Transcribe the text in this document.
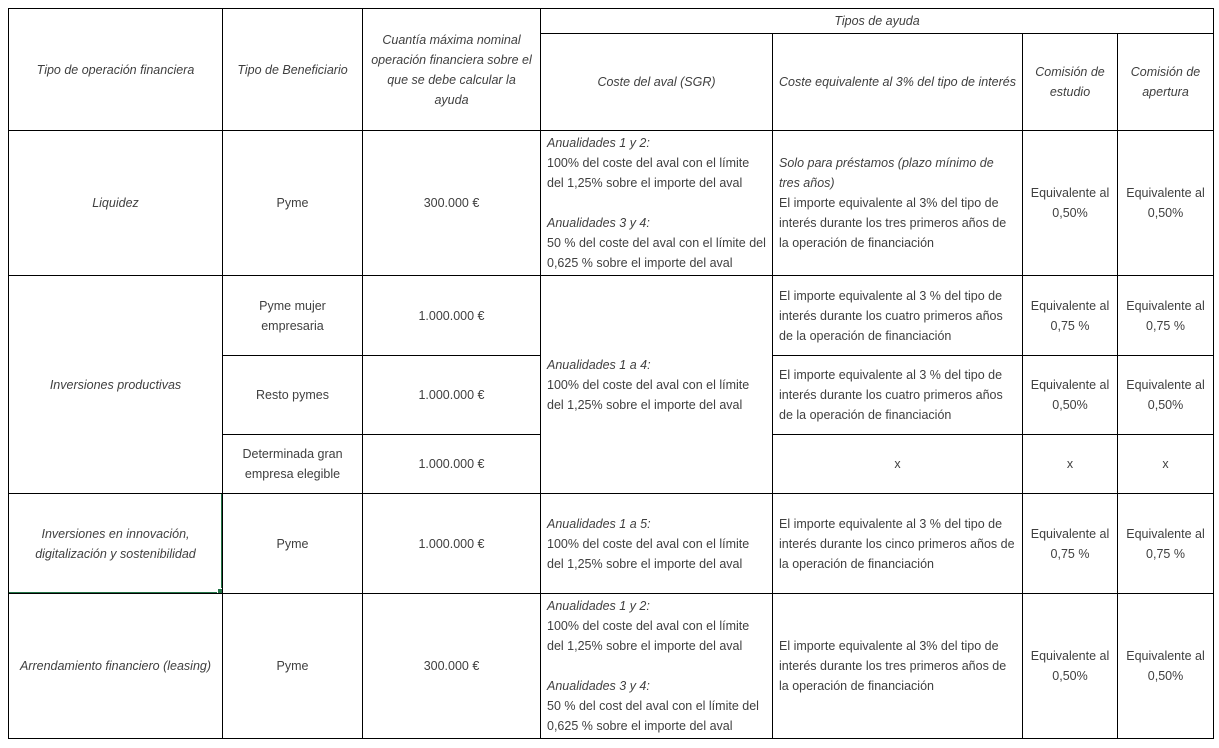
Tipo de operación financiera	Tipo de Beneficiario	Cuantía máxima nominal operación financiera sobre el que se debe calcular la ayuda	Tipos de ayuda			
			Coste del aval (SGR)	Coste equivalente al 3% del tipo de interés	Comisión de estudio	Comisión de apertura
Liquidez	Pyme	300.000 €	
Anualidades 1 y 2:
100% del coste del aval con el límite del 1,25% sobre el importe del aval
Anualidades 3 y 4:
50 % del coste del aval con el límite del 0,625 % sobre el importe del aval

Solo para préstamos (plazo mínimo de tres años)
El importe equivalente al 3% del tipo de interés durante los tres primeros años de la operación de financiación
	Equivalente al 0,50%	Equivalente al 0,50%
Inversiones productivas	Pyme mujer empresaria	1.000.000 €	Anualidades 1 a 4:
100% del coste del aval con el límite del 1,25% sobre el importe del aval	El importe equivalente al 3 % del tipo de interés durante los cuatro primeros años de la operación de financiación	Equivalente al 0,75 %	Equivalente al 0,75 %
	Resto pymes	1.000.000 €		El importe equivalente al 3 % del tipo de interés durante los cuatro primeros años de la operación de financiación	Equivalente al 0,50%	Equivalente al 0,50%
	Determinada gran empresa elegible	1.000.000 €		x	x	x
Inversiones en innovación, digitalización y sostenibilidad	Pyme	1.000.000 €	Anualidades 1 a 5:
100% del coste del aval con el límite del 1,25% sobre el importe del aval	El importe equivalente al 3 % del tipo de interés durante los cinco primeros años de la operación de financiación	Equivalente al 0,75 %	Equivalente al 0,75 %
Arrendamiento financiero (leasing)	Pyme	300.000 €	Anualidades 1 y 2:
100% del coste del aval con el límite del 1,25% sobre el importe del aval
Anualidades 3 y 4:
50 % del cost del aval con el límite del 0,625 % sobre el importe del aval	El importe equivalente al 3% del tipo de interés durante los tres primeros años de la operación de financiación	Equivalente al 0,50%	Equivalente al 0,50%
